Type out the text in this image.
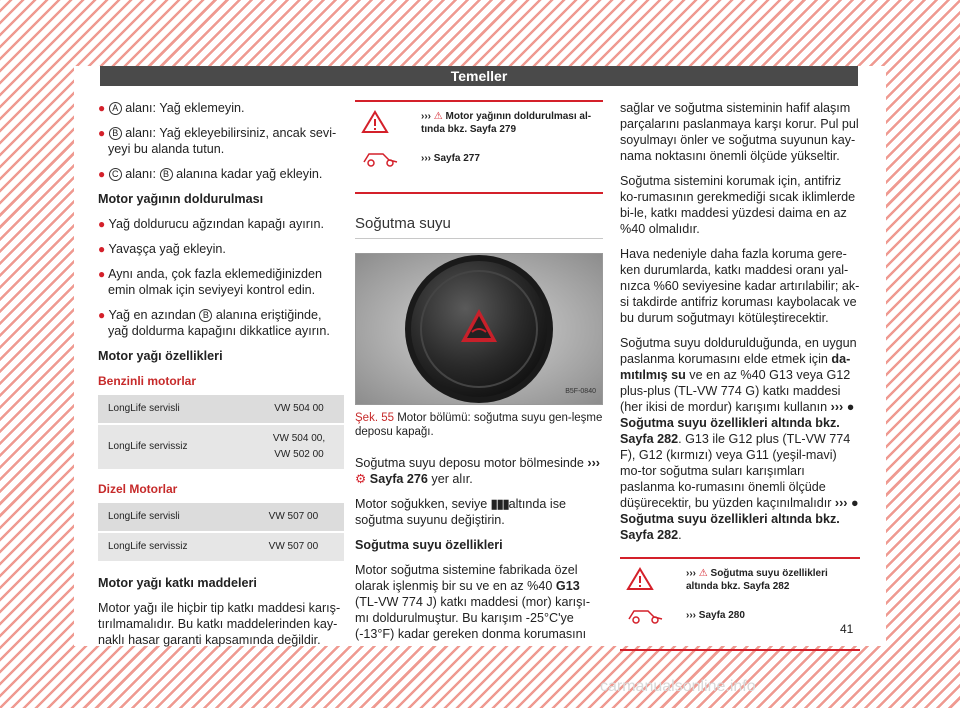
Temeller

● A alanı: Yağ eklemeyin.

● B alanı: Yağ ekleyebilirsiniz, ancak sevi-yeyi bu alanda tutun.

● C alanı: B alanına kadar yağ ekleyin.

Motor yağının doldurulması

● Yağ doldurucu ağzından kapağı ayırın.

● Yavaşça yağ ekleyin.

● Aynı anda, çok fazla eklemediğinizden emin olmak için seviyeyi kontrol edin.

● Yağ en azından B alanına eriştiğinde, yağ doldurma kapağını dikkatlice ayırın.

Motor yağı özellikleri
Benzinli motorlar
LongLife servisli	VW 504 00
LongLife servissiz	VW 504 00, VW 502 00
Dizel Motorlar
LongLife servisli	VW 507 00
LongLife servissiz	VW 507 00
Motor yağı katkı maddeleri

Motor yağı ile hiçbir tip katkı maddesi karış-tırılmamalıdır. Bu katkı maddelerinden kay-naklı hasar garanti kapsamında değildir.

››› ⚠ Motor yağının doldurulması al-tında bkz. Sayfa 279
››› Sayfa 277
Soğutma suyu
B5F-0840
Şek. 55 Motor bölümü: soğutma suyu gen-leşme deposu kapağı.

Soğutma suyu deposu motor bölmesinde ››› ⚙ Sayfa 276 yer alır.

Motor soğukken, seviye ▮▮▮altında ise soğutma suyunu değiştirin.

Soğutma suyu özellikleri

Motor soğutma sistemine fabrikada özel olarak işlenmiş bir su ve en az %40 G13 (TL-VW 774 J) katkı maddesi (mor) karışı-mı doldurulmuştur. Bu karışım -25°C'ye (-13°F) kadar gereken donma korumasını

sağlar ve soğutma sisteminin hafif alaşım parçalarını paslanmaya karşı korur. Pul pul soyulmayı önler ve soğutma suyunun kay-nama noktasını önemli ölçüde yükseltir.

Soğutma sistemini korumak için, antifriz ko-rumasının gerekmediği sıcak iklimlerde bi-le, katkı maddesi yüzdesi daima en az %40 olmalıdır.

Hava nedeniyle daha fazla koruma gere-ken durumlarda, katkı maddesi oranı yal-nızca %60 seviyesine kadar artırılabilir; ak-si takdirde antifriz koruması kaybolacak ve bu durum soğutmayı kötüleştirecektir.

Soğutma suyu doldurulduğunda, en uygun paslanma korumasını elde etmek için da-mıtılmış su ve en az %40 G13 veya G12 plus-plus (TL-VW 774 G) katkı maddesi (her ikisi de mordur) karışımı kullanın ››› ● Soğutma suyu özellikleri altında bkz. Sayfa 282. G13 ile G12 plus (TL-VW 774 F), G12 (kırmızı) veya G11 (yeşil-mavi) mo-tor soğutma suları karışımları paslanma ko-rumasını önemli ölçüde düşürecektir, bu yüzden kaçınılmalıdır ››› ● Soğutma suyu özellikleri altında bkz. Sayfa 282.

››› ⚠ Soğutma suyu özellikleri altında bkz. Sayfa 282
››› Sayfa 280
41
carmanualsonline.info
